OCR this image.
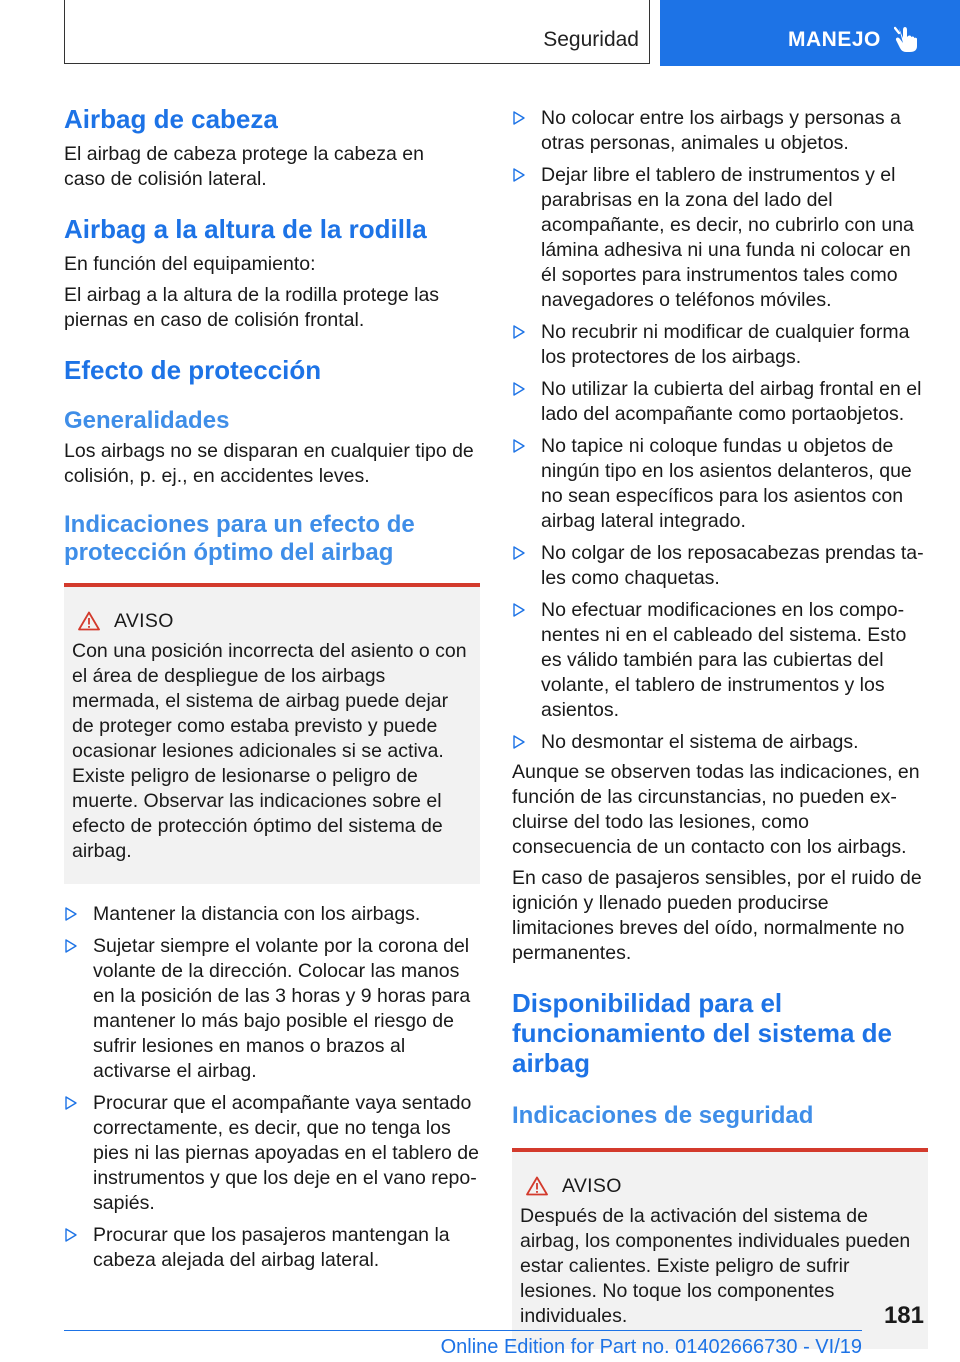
Seguridad	MANEJO
Airbag de cabeza

El airbag de cabeza protege la cabeza en caso de colisión lateral.

Airbag a la altura de la rodilla

En función del equipamiento:

El airbag a la altura de la rodilla protege las piernas en caso de colisión frontal.

Efecto de protección
Generalidades

Los airbags no se disparan en cualquier tipo de colisión, p. ej., en accidentes leves.

Indicaciones para un efecto de protección óptimo del airbag
AVISO

Con una posición incorrecta del asiento o con el área de despliegue de los airbags mermada, el sistema de airbag puede dejar de proteger como estaba previsto y puede ocasionar lesiones adicionales si se activa. Existe peligro de lesionarse o peligro de muerte. Observar las indicaciones sobre el efecto de protección óptimo del sistema de airbag.

Mantener la distancia con los airbags.
Sujetar siempre el volante por la corona del volante de la dirección. Colocar las manos en la posición de las 3 horas y 9 horas para mantener lo más bajo posible el riesgo de sufrir lesiones en manos o brazos al activarse el airbag.
Procurar que el acompañante vaya sentado correctamente, es decir, que no tenga los pies ni las piernas apoyadas en el tablero de instrumentos y que los deje en el vano reposapiés.
Procurar que los pasajeros mantengan la cabeza alejada del airbag lateral.
No colocar entre los airbags y personas a otras personas, animales u objetos.
Dejar libre el tablero de instrumentos y el parabrisas en la zona del lado del acompañante, es decir, no cubrirlo con una lámina adhesiva ni una funda ni colocar en él soportes para instrumentos tales como navegadores o teléfonos móviles.
No recubrir ni modificar de cualquier forma los protectores de los airbags.
No utilizar la cubierta del airbag frontal en el lado del acompañante como portaobjetos.
No tapice ni coloque fundas u objetos de ningún tipo en los asientos delanteros, que no sean específicos para los asientos con airbag lateral integrado.
No colgar de los reposacabezas prendas tales como chaquetas.
No efectuar modificaciones en los componentes ni en el cableado del sistema. Esto es válido también para las cubiertas del volante, el tablero de instrumentos y los asientos.
No desmontar el sistema de airbags.

Aunque se observen todas las indicaciones, en función de las circunstancias, no pueden excluirse del todo las lesiones, como consecuencia de un contacto con los airbags.

En caso de pasajeros sensibles, por el ruido de ignición y llenado pueden producirse limitaciones breves del oído, normalmente no permanentes.

Disponibilidad para el funcionamiento del sistema de airbag
Indicaciones de seguridad
AVISO

Después de la activación del sistema de airbag, los componentes individuales pueden estar calientes. Existe peligro de sufrir lesiones. No toque los componentes individuales.	181
Online Edition for Part no. 01402666730 - VI/19
